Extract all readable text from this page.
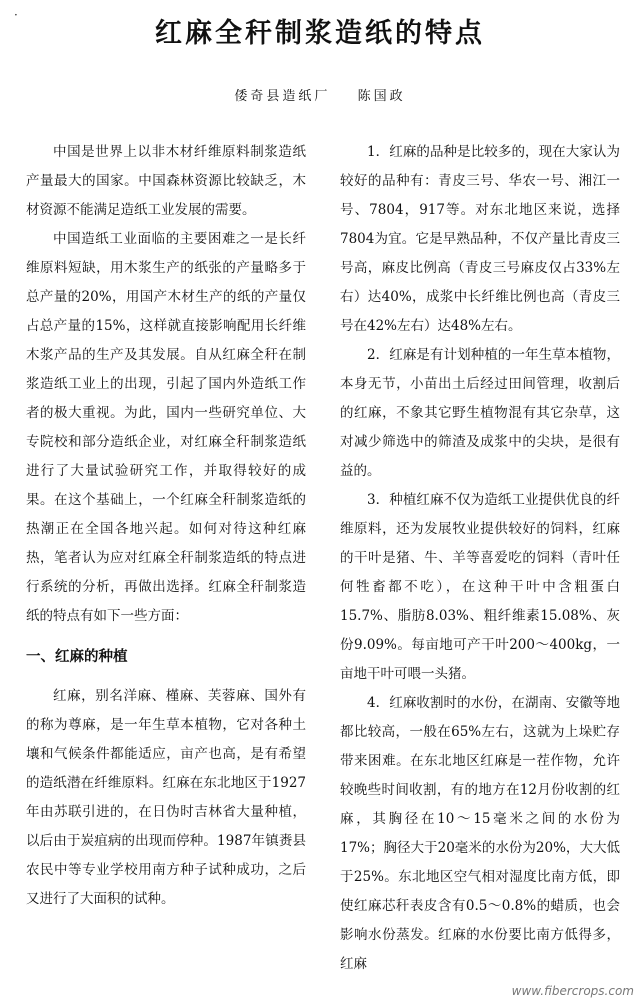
·
红麻全秆制浆造纸的特点
倭奇县造纸厂 陈国政

中国是世界上以非木材纤维原料制浆造纸产量最大的国家。中国森林资源比较缺乏，木材资源不能满足造纸工业发展的需要。

中国造纸工业面临的主要困难之一是长纤维原料短缺，用木浆生产的纸张的产量略多于总产量的20%，用国产木材生产的纸的产量仅占总产量的15%，这样就直接影响配用长纤维木浆产品的生产及其发展。自从红麻全秆在制浆造纸工业上的出现，引起了国内外造纸工作者的极大重视。为此，国内一些研究单位、大专院校和部分造纸企业，对红麻全秆制浆造纸进行了大量试验研究工作，并取得较好的成果。在这个基础上，一个红麻全秆制浆造纸的热潮正在全国各地兴起。如何对待这种红麻热，笔者认为应对红麻全秆制浆造纸的特点进行系统的分析，再做出选择。红麻全秆制浆造纸的特点有如下一些方面：

一、红麻的种植

红麻，别名洋麻、槿麻、芙蓉麻、国外有的称为尊麻，是一年生草本植物，它对各种土壤和气候条件都能适应，亩产也高，是有希望的造纸潜在纤维原料。红麻在东北地区于1927年由苏联引进的，在日伪时吉林省大量种植，以后由于炭疽病的出现而停种。1987年镇赉县农民中等专业学校用南方种子试种成功，之后又进行了大面积的试种。

1．红麻的品种是比较多的，现在大家认为较好的品种有：青皮三号、华农一号、湘江一号、7804，917等。对东北地区来说，选择7804为宜。它是早熟品种，不仅产量比青皮三号高，麻皮比例高（青皮三号麻皮仅占33%左右）达40%，成浆中长纤维比例也高（青皮三号在42%左右）达48%左右。

2．红麻是有计划种植的一年生草本植物，本身无节，小苗出土后经过田间管理，收割后的红麻，不象其它野生植物混有其它杂草，这对减少筛选中的筛渣及成浆中的尖块，是很有益的。

3．种植红麻不仅为造纸工业提供优良的纤维原料，还为发展牧业提供较好的饲料，红麻的干叶是猪、牛、羊等喜爱吃的饲料（青叶任何牲畜都不吃），在这种干叶中含粗蛋白15.7%、脂肪8.03%、粗纤维素15.08%、灰份9.09%。每亩地可产干叶200～400kg，一亩地干叶可喂一头猪。

4．红麻收割时的水份，在湖南、安徽等地都比较高，一般在65%左右，这就为上垛贮存带来困难。在东北地区红麻是一茬作物，允许较晚些时间收割，有的地方在12月份收割的红麻，其胸径在10～15毫米之间的水份为17%；胸径大于20毫米的水份为20%，大大低于25%。东北地区空气相对湿度比南方低，即使红麻芯秆表皮含有0.5～0.8%的蜡质，也会影响水份蒸发。红麻的水份要比南方低得多，红麻

www.fibercrops.com
